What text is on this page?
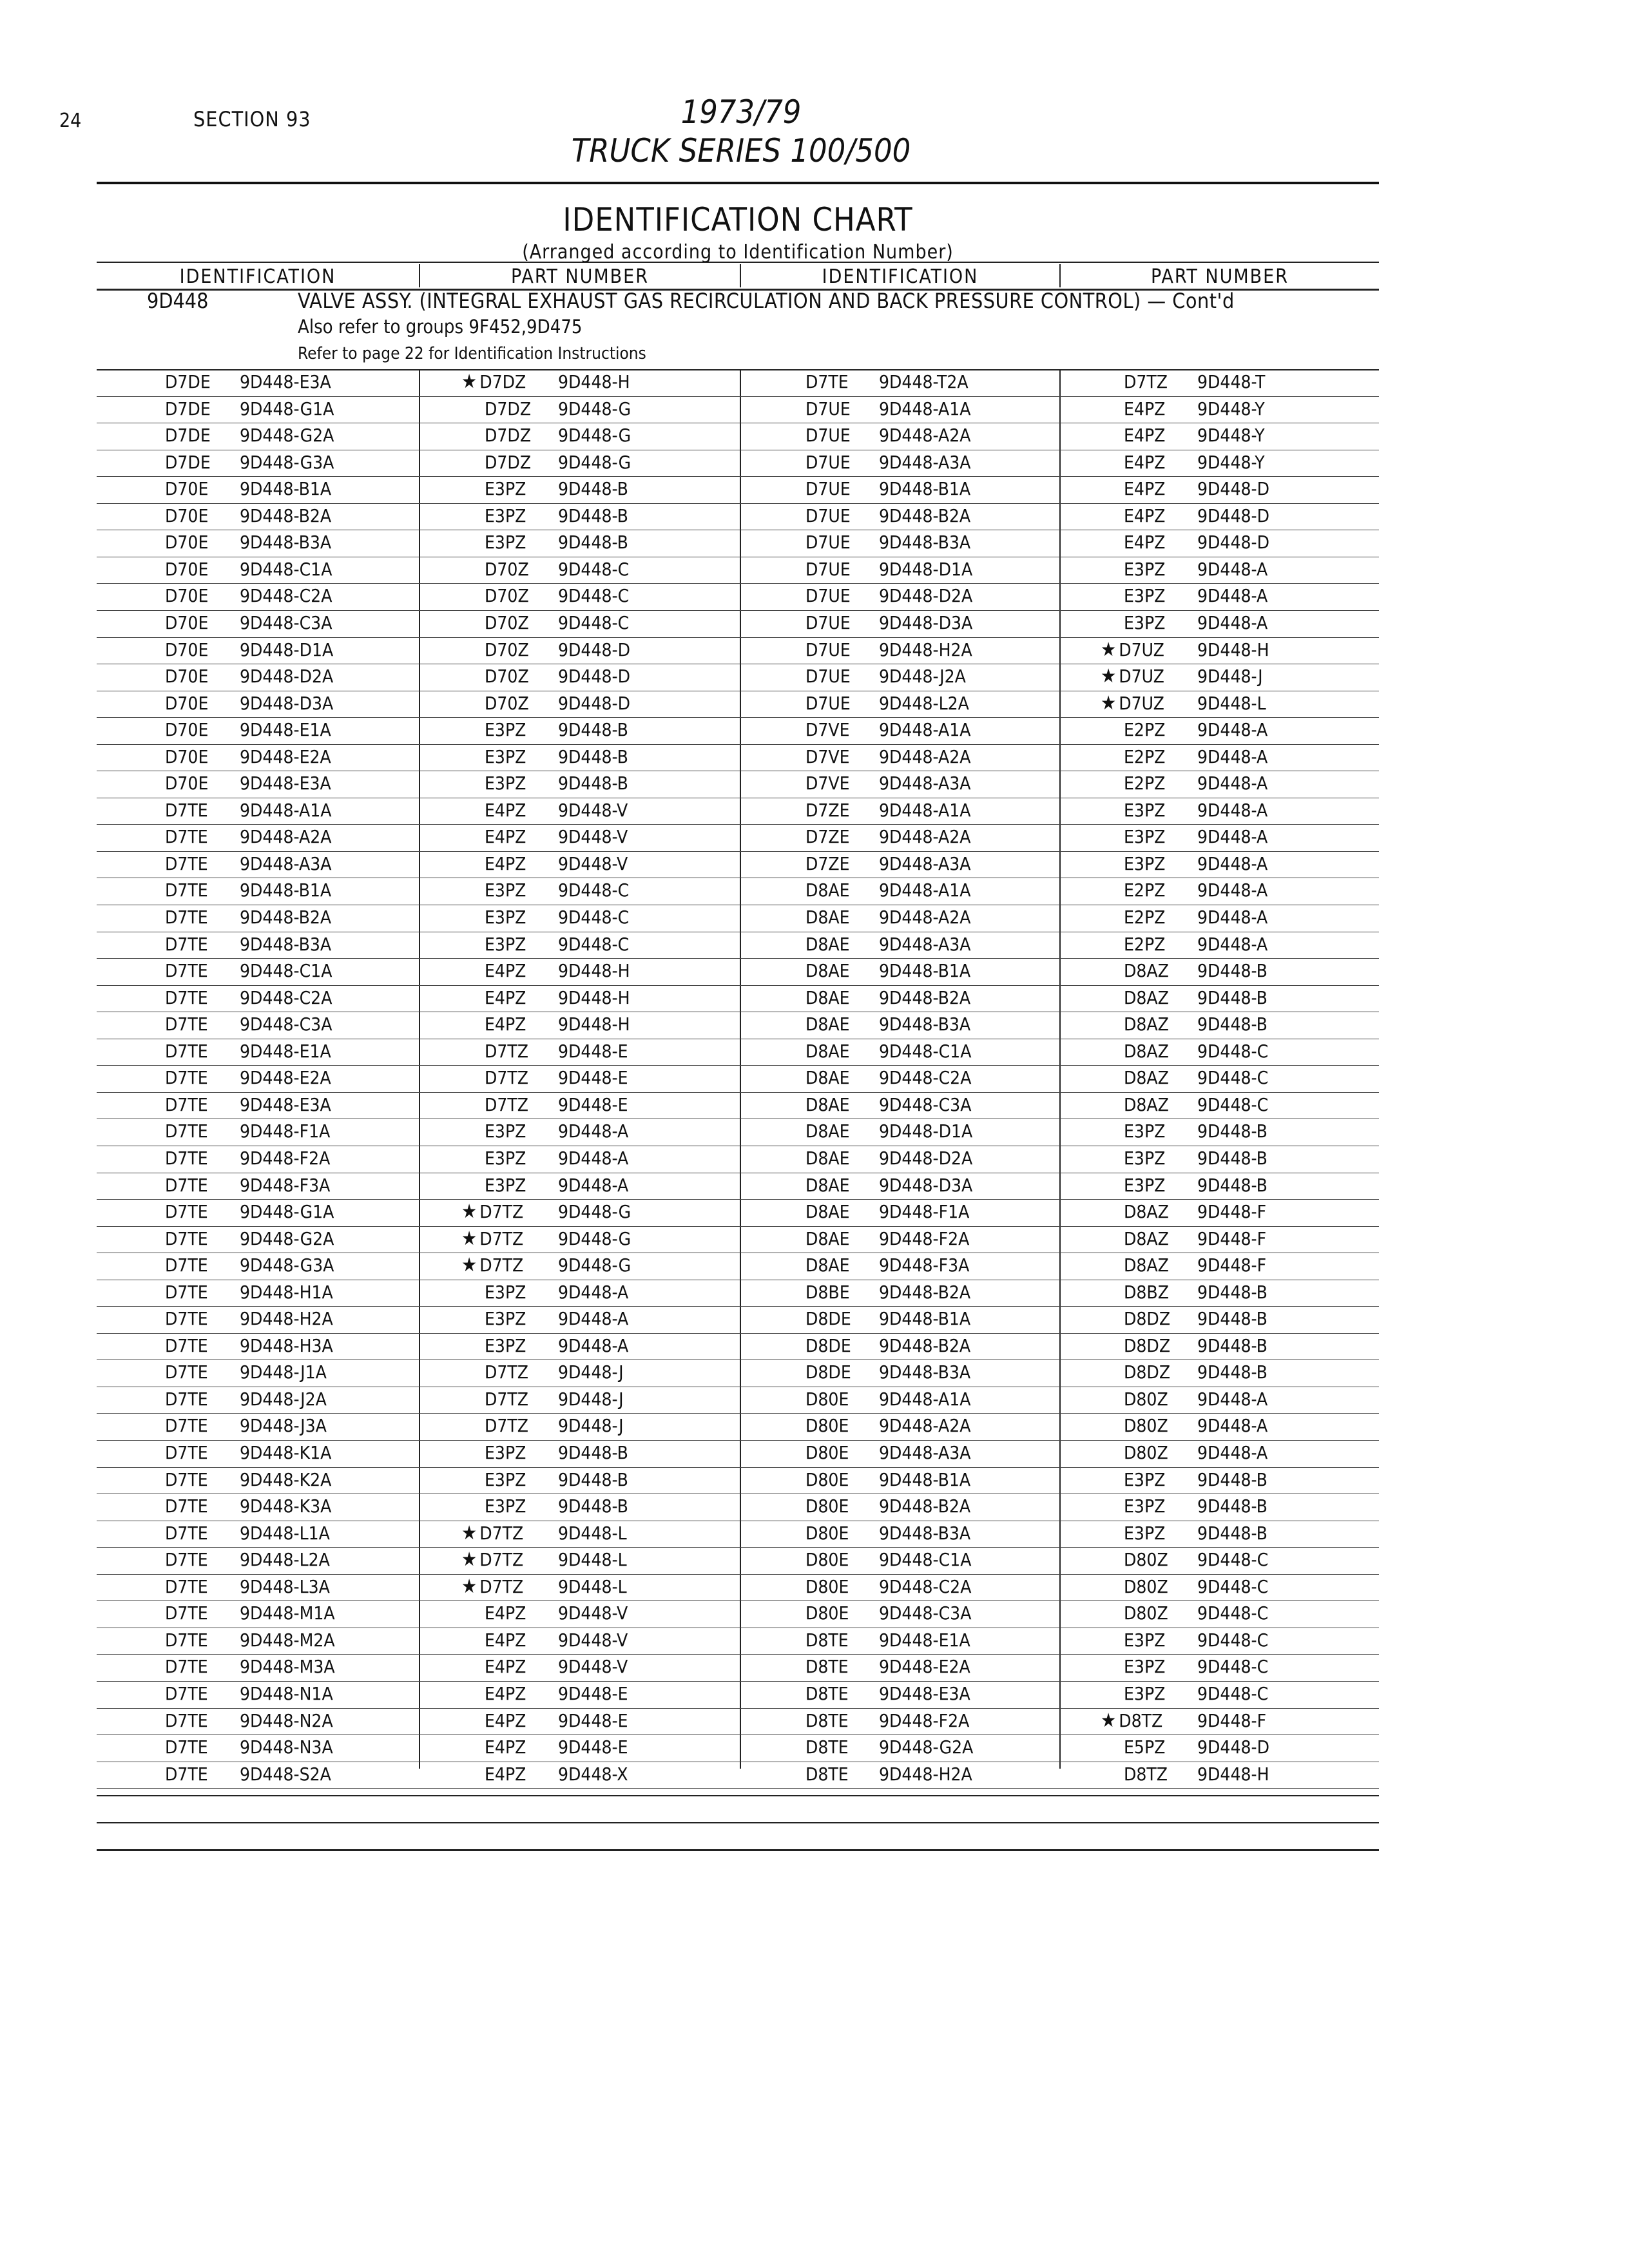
24	SECTION 93	1973/79
TRUCK SERIES 100/500
IDENTIFICATION CHART
(Arranged according to Identification Number)
IDENTIFICATION	PART NUMBER	IDENTIFICATION	PART NUMBER
9D448	VALVE ASSY. (INTEGRAL EXHAUST GAS RECIRCULATION AND BACK PRESSURE CONTROL) — Cont'd
Also refer to groups 9F452,9D475
Refer to page 22 for Identification Instructions
D7DE 9D448-E3A	★ D7DZ 9D448-H	D7TE 9D448-T2A	D7TZ 9D448-T
D7DE 9D448-G1A	D7DZ 9D448-G	D7UE 9D448-A1A	E4PZ 9D448-Y
D7DE 9D448-G2A	D7DZ 9D448-G	D7UE 9D448-A2A	E4PZ 9D448-Y
D7DE 9D448-G3A	D7DZ 9D448-G	D7UE 9D448-A3A	E4PZ 9D448-Y
D70E 9D448-B1A	E3PZ 9D448-B	D7UE 9D448-B1A	E4PZ 9D448-D
D70E 9D448-B2A	E3PZ 9D448-B	D7UE 9D448-B2A	E4PZ 9D448-D
D70E 9D448-B3A	E3PZ 9D448-B	D7UE 9D448-B3A	E4PZ 9D448-D
D70E 9D448-C1A	D70Z 9D448-C	D7UE 9D448-D1A	E3PZ 9D448-A
D70E 9D448-C2A	D70Z 9D448-C	D7UE 9D448-D2A	E3PZ 9D448-A
D70E 9D448-C3A	D70Z 9D448-C	D7UE 9D448-D3A	E3PZ 9D448-A
D70E 9D448-D1A	D70Z 9D448-D	D7UE 9D448-H2A	★ D7UZ 9D448-H
D70E 9D448-D2A	D70Z 9D448-D	D7UE 9D448-J2A	★ D7UZ 9D448-J
D70E 9D448-D3A	D70Z 9D448-D	D7UE 9D448-L2A	★ D7UZ 9D448-L
D70E 9D448-E1A	E3PZ 9D448-B	D7VE 9D448-A1A	E2PZ 9D448-A
D70E 9D448-E2A	E3PZ 9D448-B	D7VE 9D448-A2A	E2PZ 9D448-A
D70E 9D448-E3A	E3PZ 9D448-B	D7VE 9D448-A3A	E2PZ 9D448-A
D7TE 9D448-A1A	E4PZ 9D448-V	D7ZE 9D448-A1A	E3PZ 9D448-A
D7TE 9D448-A2A	E4PZ 9D448-V	D7ZE 9D448-A2A	E3PZ 9D448-A
D7TE 9D448-A3A	E4PZ 9D448-V	D7ZE 9D448-A3A	E3PZ 9D448-A
D7TE 9D448-B1A	E3PZ 9D448-C	D8AE 9D448-A1A	E2PZ 9D448-A
D7TE 9D448-B2A	E3PZ 9D448-C	D8AE 9D448-A2A	E2PZ 9D448-A
D7TE 9D448-B3A	E3PZ 9D448-C	D8AE 9D448-A3A	E2PZ 9D448-A
D7TE 9D448-C1A	E4PZ 9D448-H	D8AE 9D448-B1A	D8AZ 9D448-B
D7TE 9D448-C2A	E4PZ 9D448-H	D8AE 9D448-B2A	D8AZ 9D448-B
D7TE 9D448-C3A	E4PZ 9D448-H	D8AE 9D448-B3A	D8AZ 9D448-B
D7TE 9D448-E1A	D7TZ 9D448-E	D8AE 9D448-C1A	D8AZ 9D448-C
D7TE 9D448-E2A	D7TZ 9D448-E	D8AE 9D448-C2A	D8AZ 9D448-C
D7TE 9D448-E3A	D7TZ 9D448-E	D8AE 9D448-C3A	D8AZ 9D448-C
D7TE 9D448-F1A	E3PZ 9D448-A	D8AE 9D448-D1A	E3PZ 9D448-B
D7TE 9D448-F2A	E3PZ 9D448-A	D8AE 9D448-D2A	E3PZ 9D448-B
D7TE 9D448-F3A	E3PZ 9D448-A	D8AE 9D448-D3A	E3PZ 9D448-B
D7TE 9D448-G1A	★ D7TZ 9D448-G	D8AE 9D448-F1A	D8AZ 9D448-F
D7TE 9D448-G2A	★ D7TZ 9D448-G	D8AE 9D448-F2A	D8AZ 9D448-F
D7TE 9D448-G3A	★ D7TZ 9D448-G	D8AE 9D448-F3A	D8AZ 9D448-F
D7TE 9D448-H1A	E3PZ 9D448-A	D8BE 9D448-B2A	D8BZ 9D448-B
D7TE 9D448-H2A	E3PZ 9D448-A	D8DE 9D448-B1A	D8DZ 9D448-B
D7TE 9D448-H3A	E3PZ 9D448-A	D8DE 9D448-B2A	D8DZ 9D448-B
D7TE 9D448-J1A	D7TZ 9D448-J	D8DE 9D448-B3A	D8DZ 9D448-B
D7TE 9D448-J2A	D7TZ 9D448-J	D80E 9D448-A1A	D80Z 9D448-A
D7TE 9D448-J3A	D7TZ 9D448-J	D80E 9D448-A2A	D80Z 9D448-A
D7TE 9D448-K1A	E3PZ 9D448-B	D80E 9D448-A3A	D80Z 9D448-A
D7TE 9D448-K2A	E3PZ 9D448-B	D80E 9D448-B1A	E3PZ 9D448-B
D7TE 9D448-K3A	E3PZ 9D448-B	D80E 9D448-B2A	E3PZ 9D448-B
D7TE 9D448-L1A	★ D7TZ 9D448-L	D80E 9D448-B3A	E3PZ 9D448-B
D7TE 9D448-L2A	★ D7TZ 9D448-L	D80E 9D448-C1A	D80Z 9D448-C
D7TE 9D448-L3A	★ D7TZ 9D448-L	D80E 9D448-C2A	D80Z 9D448-C
D7TE 9D448-M1A	E4PZ 9D448-V	D80E 9D448-C3A	D80Z 9D448-C
D7TE 9D448-M2A	E4PZ 9D448-V	D8TE 9D448-E1A	E3PZ 9D448-C
D7TE 9D448-M3A	E4PZ 9D448-V	D8TE 9D448-E2A	E3PZ 9D448-C
D7TE 9D448-N1A	E4PZ 9D448-E	D8TE 9D448-E3A	E3PZ 9D448-C
D7TE 9D448-N2A	E4PZ 9D448-E	D8TE 9D448-F2A	★ D8TZ 9D448-F
D7TE 9D448-N3A	E4PZ 9D448-E	D8TE 9D448-G2A	E5PZ 9D448-D
D7TE 9D448-S2A	E4PZ 9D448-X	D8TE 9D448-H2A	D8TZ 9D448-H
